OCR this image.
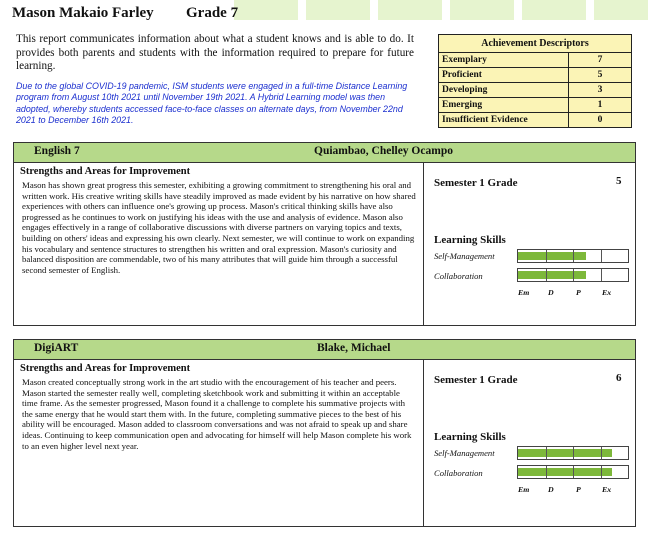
Mason Makaio Farley Grade 7
This report communicates information about what a student knows and is able to do. It provides both parents and students with the information required to prepare for future learning.
Due to the global COVID-19 pandemic, ISM students were engaged in a full-time Distance Learning program from August 10th 2021 until November 19th 2021. A Hybrid Learning model was then adopted, whereby students accessed face-to-face classes on alternate days, from November 22nd 2021 to December 16th 2021.
Achievement Descriptors	
Exemplary	7
Proficient	5
Developing	3
Emerging	1
Insufficient Evidence	0
English 7	Quiambao, Chelley Ocampo
Strengths and Areas for Improvement
Mason has shown great progress this semester, exhibiting a growing commitment to strengthening his oral and written work. His creative writing skills have steadily improved as made evident by his narrative on how shared experiences with others can influence one's growing up process. Mason's critical thinking skills have also progressed as he continues to work on justifying his ideas with the use and analysis of evidence. Mason also engages effectively in a range of collaborative discussions with diverse partners on varying topics and texts, building on others' ideas and expressing his own clearly. Next semester, we will continue to work on expanding his vocabulary and sentence structures to strengthen his written and oral expression. Mason's curiosity and balanced disposition are commendable, two of his many attributes that will guide him through a successful second semester of English.
Semester 1 Grade	5
Learning Skills
Self-Management
Collaboration
Em D	P	Ex
DigiART	Blake, Michael
Strengths and Areas for Improvement
Mason created conceptually strong work in the art studio with the encouragement of his teacher and peers. Mason started the semester really well, completing sketchbook work and submitting it within an acceptable time frame. As the semester progressed, Mason found it a challenge to complete his summative projects with the same energy that he would start them with. In the future, completing summative pieces to the best of his ability will be encouraged. Mason added to classroom conversations and was not afraid to speak up and share ideas. Continuing to keep communication open and advocating for himself will help Mason complete his work to an even higher level next year.
Semester 1 Grade	6
Learning Skills
Self-Management
Collaboration
Em D	P	Ex
